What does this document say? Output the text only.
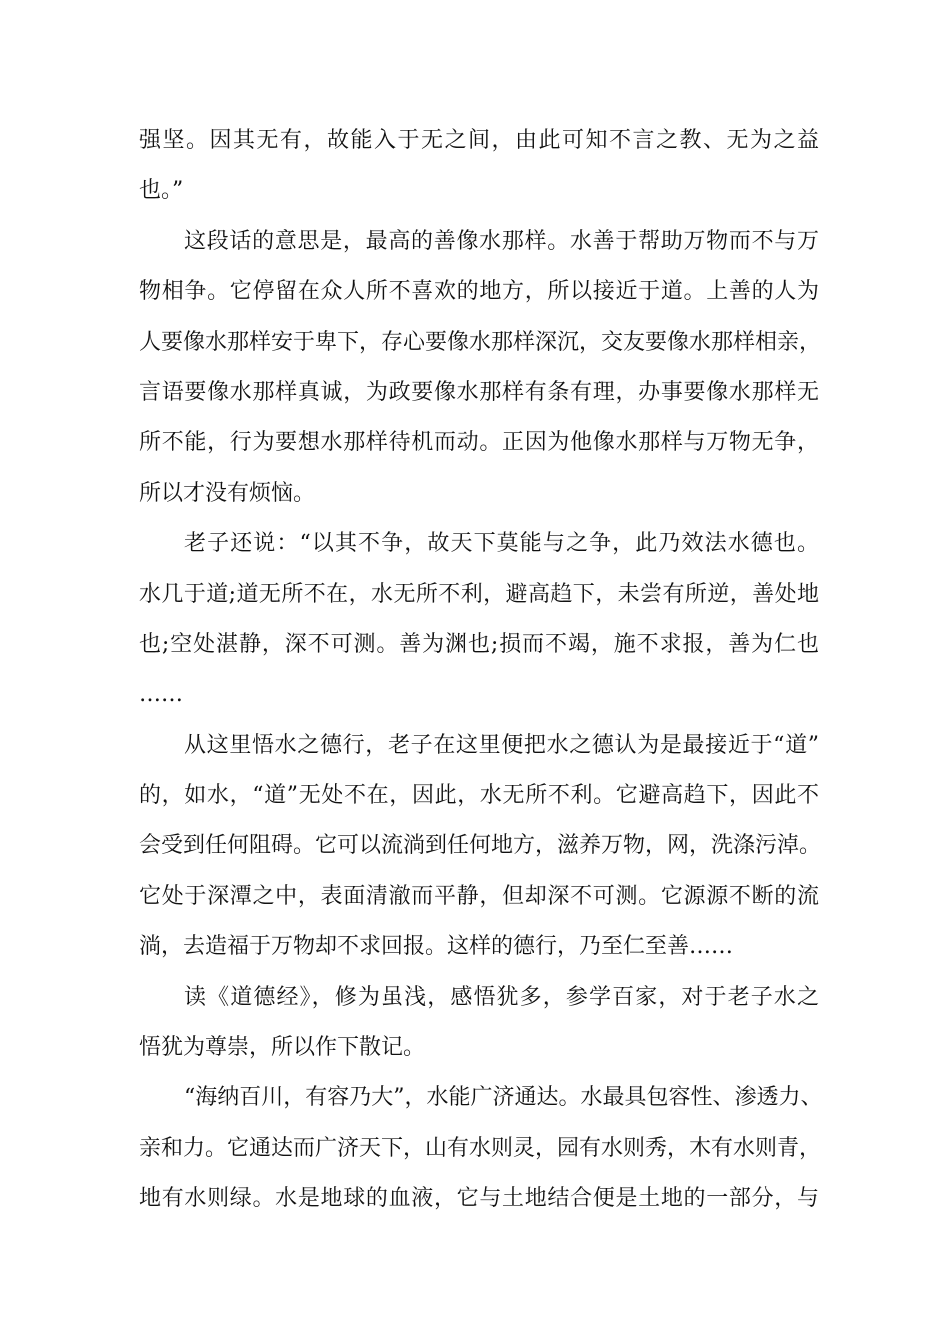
强坚。因其无有，故能入于无之间，由此可知不言之教、无为之益
也。”
这段话的意思是，最高的善像水那样。水善于帮助万物而不与万
物相争。它停留在众人所不喜欢的地方，所以接近于道。上善的人为
人要像水那样安于卑下，存心要像水那样深沉，交友要像水那样相亲，
言语要像水那样真诚，为政要像水那样有条有理，办事要像水那样无
所不能，行为要想水那样待机而动。正因为他像水那样与万物无争，
所以才没有烦恼。
老子还说：“以其不争，故天下莫能与之争，此乃效法水德也。
水几于道;道无所不在，水无所不利，避高趋下，未尝有所逆，善处地
也;空处湛静，深不可测。善为渊也;损而不竭，施不求报，善为仁也
……
从这里悟水之德行，老子在这里便把水之德认为是最接近于“道”
的，如水，“道”无处不在，因此，水无所不利。它避高趋下，因此不
会受到任何阻碍。它可以流淌到任何地方，滋养万物，网，洗涤污淖。
它处于深潭之中，表面清澈而平静，但却深不可测。它源源不断的流
淌，去造福于万物却不求回报。这样的德行，乃至仁至善……
读《道德经》，修为虽浅，感悟犹多，参学百家，对于老子水之
悟犹为尊崇，所以作下散记。
“海纳百川，有容乃大”，水能广济通达。水最具包容性、渗透力、
亲和力。它通达而广济天下，山有水则灵，园有水则秀，木有水则青，
地有水则绿。水是地球的血液，它与土地结合便是土地的一部分，与
